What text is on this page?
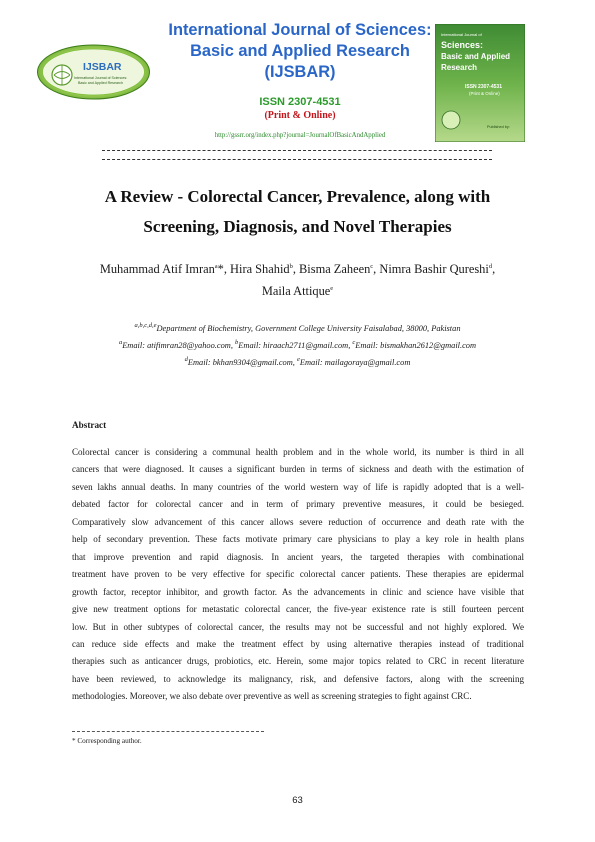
IJSBAR
International Journal of Sciences:
Basic and Applied Research
International Journal of Sciences:
Basic and Applied Research
(IJSBAR)
ISSN 2307-4531
(Print & Online)
http://gssrr.org/index.php?journal=JournalOfBasicAndApplied
International Journal of
Sciences:
Basic and Applied
Research
ISSN 2307-4531
(Print & Online)
Published by:
A Review - Colorectal Cancer, Prevalence, along with
Screening, Diagnosis, and Novel Therapies
Muhammad Atif Imran$^a$*, Hira Shahid$^b$, Bisma Zaheen$^c$, Nimra Bashir Qureshi$^d$,
Maila Attique$^e$
$^{a,b,c,d,e}$Department of Biochemistry, Government College University Faisalabad, 38000, Pakistan
$^a$Email: atifimran28@yahoo.com, $^b$Email: hiraach2711@gmail.com, $^c$Email: bismakhan2612@gmail.com
$^d$Email: bkhan9304@gmail.com, $^e$Email: mailagoraya@gmail.com
Abstract
Colorectal cancer is considering a communal health problem and in the whole world, its number is third in all
cancers that were diagnosed. It causes a significant burden in terms of sickness and death with the estimation of
seven lakhs annual deaths. In many countries of the world western way of life is rapidly adopted that is a well-
debated factor for colorectal cancer and in term of primary preventive measures, it could be besieged.
Comparatively slow advancement of this cancer allows severe reduction of occurrence and death rate with the
help of secondary prevention. These facts motivate primary care physicians to play a key role in health plans
that improve prevention and rapid diagnosis. In ancient years, the targeted therapies with combinational
treatment have proven to be very effective for specific colorectal cancer patients. These therapies are epidermal
growth factor, receptor inhibitor, and growth factor. As the advancements in clinic and science have visible that
give new treatment options for metastatic colorectal cancer, the five-year existence rate is still fourteen percent
low. But in other subtypes of colorectal cancer, the results may not be successful and not highly explored. We
can reduce side effects and make the treatment effect by using alternative therapies instead of traditional
therapies such as anticancer drugs, probiotics, etc. Herein, some major topics related to CRC in recent literature
have been reviewed, to acknowledge its malignancy, risk, and defensive factors, along with the screening
methodologies. Moreover, we also debate over preventive as well as screening strategies to fight against CRC.
* Corresponding author.
63
